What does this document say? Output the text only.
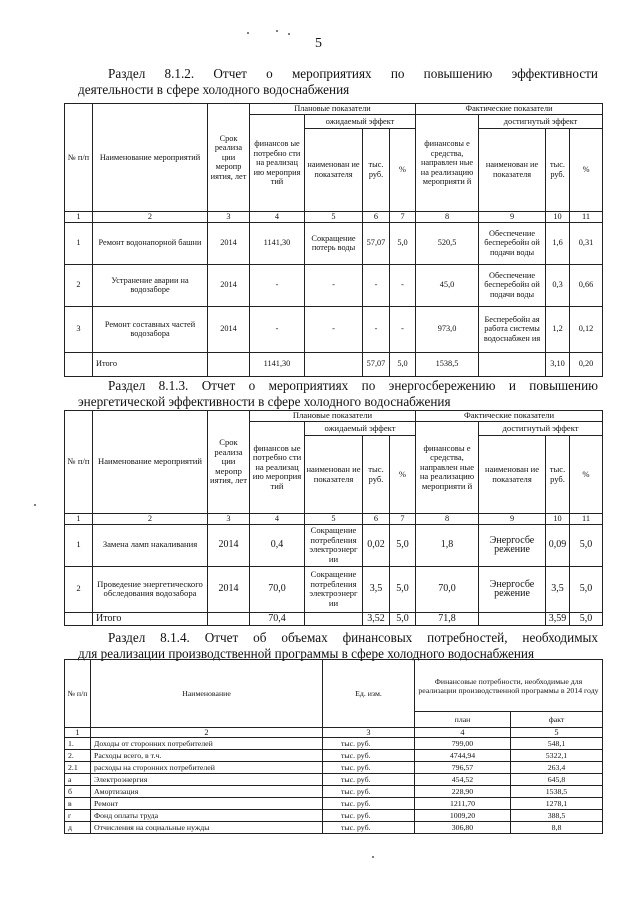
5
Раздел 8.1.2. Отчет о мероприятиях по повышению эффективности
деятельности в сфере холодного водоснабжения
№ п/п	Наименование мероприятий	Срок реализа ции меропр иятия, лет	Плановые показатели				Фактические показатели			
			финансов ые потребно сти на реализац ию мероприя тий	ожидаемый эффект			финансовы е средства, направлен ные на реализацию мероприяти й	достигнутый эффект		
				наименован ие показателя	тыс. руб.	%		наименован ие показателя	тыс. руб.	%
1	2	3	4	5	6	7	8	9	10	11
1	Ремонт водонапорной башни	2014	1141,30	Сокращение потерь воды	57,07	5,0	520,5	Обеспечение бесперебойн ой подачи воды	1,6	0,31
2	Устранение аварии на водозаборе	2014	-	-	-	-	45,0	Обеспечение бесперебойн ой подачи воды	0,3	0,66
3	Ремонт составных частей водозабора	2014	-	-	-	-	973,0	Бесперебойн ая работа системы водоснабжен ия	1,2	0,12
	Итого		1141,30		57,07	5,0	1538,5		3,10	0,20
Раздел 8.1.3. Отчет о мероприятиях по энергосбережению и повышению
энергетической эффективности в сфере холодного водоснабжения
№ п/п	Наименование мероприятий	Срок реализа ции меропр иятия, лет	Плановые показатели				Фактические показатели			
			финансов ые потребно сти на реализац ию мероприя тий	ожидаемый эффект			финансовы е средства, направлен ные на реализацию мероприяти й	достигнутый эффект		
				наименован ие показателя	тыс. руб.	%		наименован ие показателя	тыс. руб.	%
1	2	3	4	5	6	7	8	9	10	11
1	Замена ламп накаливания	2014	0,4	Сокращение потребления электроэнерг ии	0,02	5,0	1,8	Энергосбе режение	0,09	5,0
2	Проведение энергетического обследования водозабора	2014	70,0	Сокращение потребления электроэнерг ии	3,5	5,0	70,0	Энергосбе режение	3,5	5,0
	Итого		70,4		3,52	5,0	71,8		3,59	5,0
Раздел 8.1.4. Отчет об объемах финансовых потребностей, необходимых
для реализации производственной программы в сфере холодного водоснабжения
№ п/п	Наименование	Ед. изм.	Финансовые потребности, необходимые для реализации производственной программы в 2014 году	
			план	факт
1	2	3	4	5
1.	Доходы от сторонних потребителей	тыс. руб.	799,00	548,1
2.	Расходы всего, в т.ч.	тыс. руб.	4744,94	5322,1
2.1	расходы на сторонних потребителей	тыс. руб.	796,57	263,4
а	Электроэнергия	тыс. руб.	454,52	645,8
б	Амортизация	тыс. руб.	228,90	1538,5
в	Ремонт	тыс. руб.	1211,70	1278,1
г	Фонд оплаты труда	тыс. руб.	1009,20	388,5
д	Отчисления на социальные нужды	тыс. руб.	306,80	8,8
